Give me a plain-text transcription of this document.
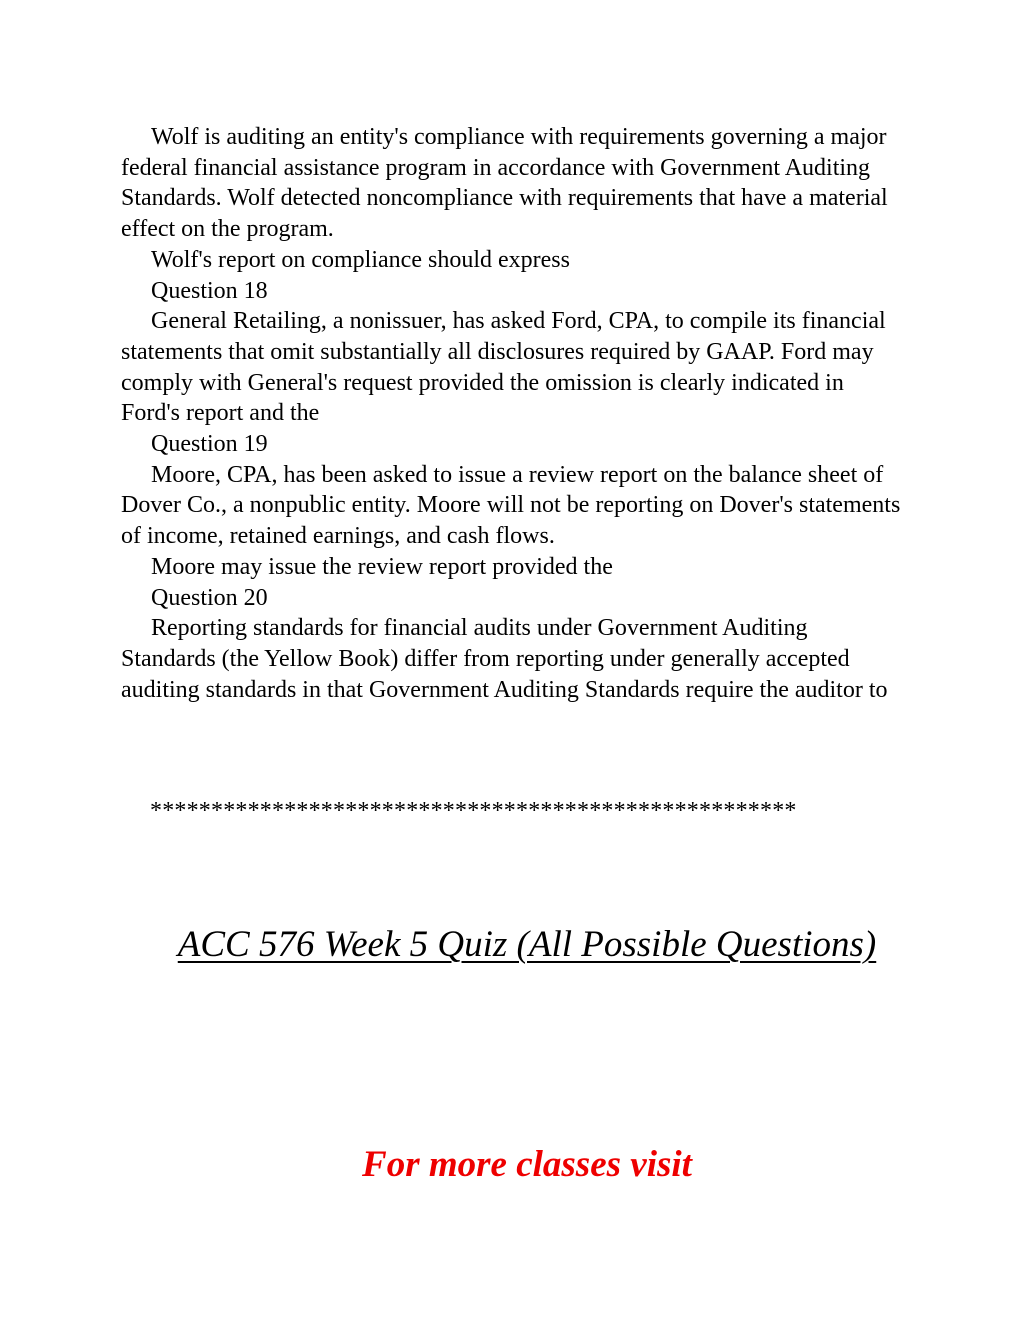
Wolf is auditing an entity's compliance with requirements governing a major federal financial assistance program in accordance with Government Auditing Standards. Wolf detected noncompliance with requirements that have a material effect on the program.

Wolf's report on compliance should express

Question 18

General Retailing, a nonissuer, has asked Ford, CPA, to compile its financial statements that omit substantially all disclosures required by GAAP. Ford may comply with General's request provided the omission is clearly indicated in Ford's report and the

Question 19

Moore, CPA, has been asked to issue a review report on the balance sheet of Dover Co., a nonpublic entity. Moore will not be reporting on Dover's statements of income, retained earnings, and cash flows.

Moore may issue the review report provided the

Question 20

Reporting standards for financial audits under Government Auditing Standards (the Yellow Book) differ from reporting under generally accepted auditing standards in that Government Auditing Standards require the auditor to

*****************************************************
ACC 576 Week 5 Quiz (All Possible Questions)
For more classes visit
